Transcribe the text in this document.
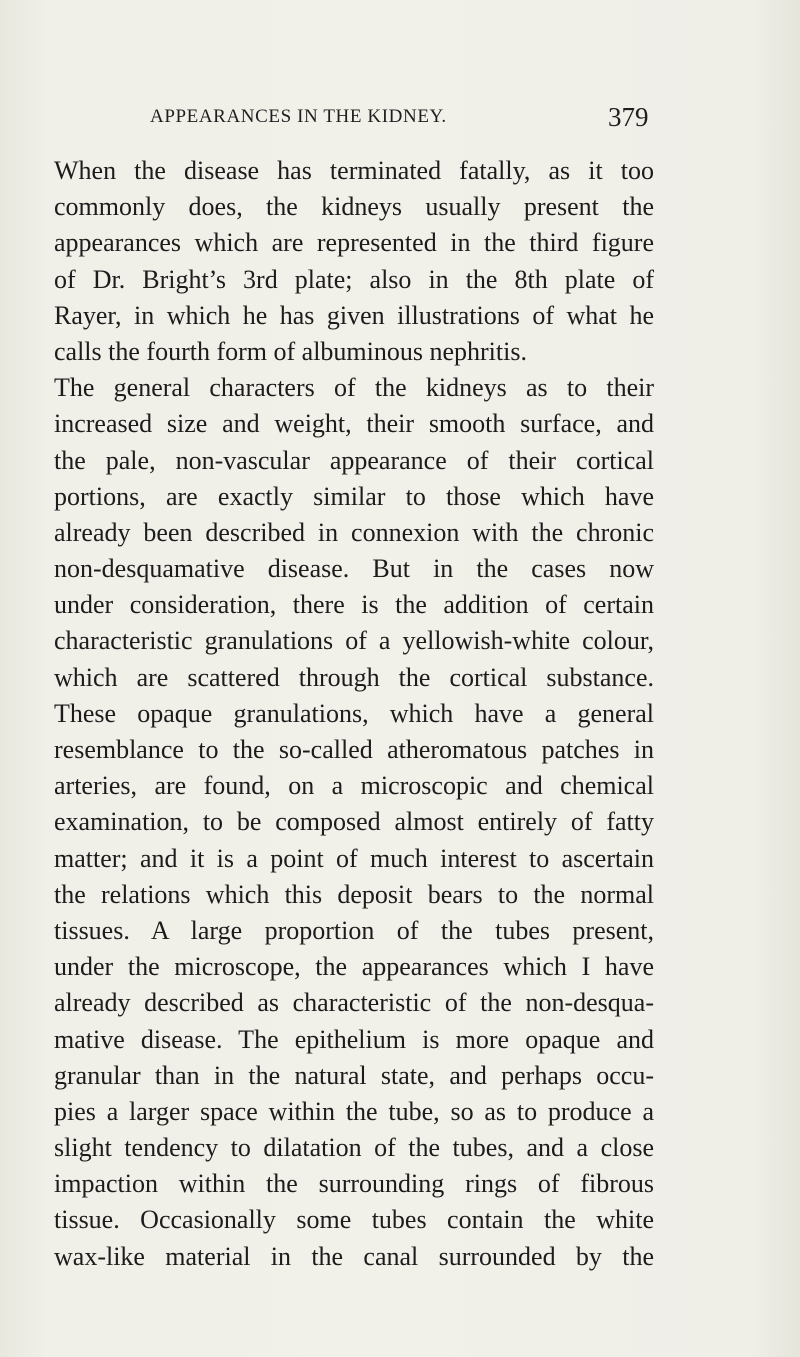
APPEARANCES IN THE KIDNEY.	379
When the disease has terminated fatally, as it too
commonly does, the kidneys usually present the
appearances which are represented in the third figure
of Dr. Bright’s 3rd plate; also in the 8th plate of
Rayer, in which he has given illustrations of what he
calls the fourth form of albuminous nephritis.
The general characters of the kidneys as to their
increased size and weight, their smooth surface, and
the pale, non-vascular appearance of their cortical
portions, are exactly similar to those which have
already been described in connexion with the chronic
non-desquamative disease. But in the cases now
under consideration, there is the addition of certain
characteristic granulations of a yellowish-white colour,
which are scattered through the cortical substance.
These opaque granulations, which have a general
resemblance to the so-called atheromatous patches in
arteries, are found, on a microscopic and chemical
examination, to be composed almost entirely of fatty
matter; and it is a point of much interest to ascertain
the relations which this deposit bears to the normal
tissues. A large proportion of the tubes present,
under the microscope, the appearances which I have
already described as characteristic of the non-desqua-
mative disease. The epithelium is more opaque and
granular than in the natural state, and perhaps occu-
pies a larger space within the tube, so as to produce a
slight tendency to dilatation of the tubes, and a close
impaction within the surrounding rings of fibrous
tissue. Occasionally some tubes contain the white
wax-like material in the canal surrounded by the
